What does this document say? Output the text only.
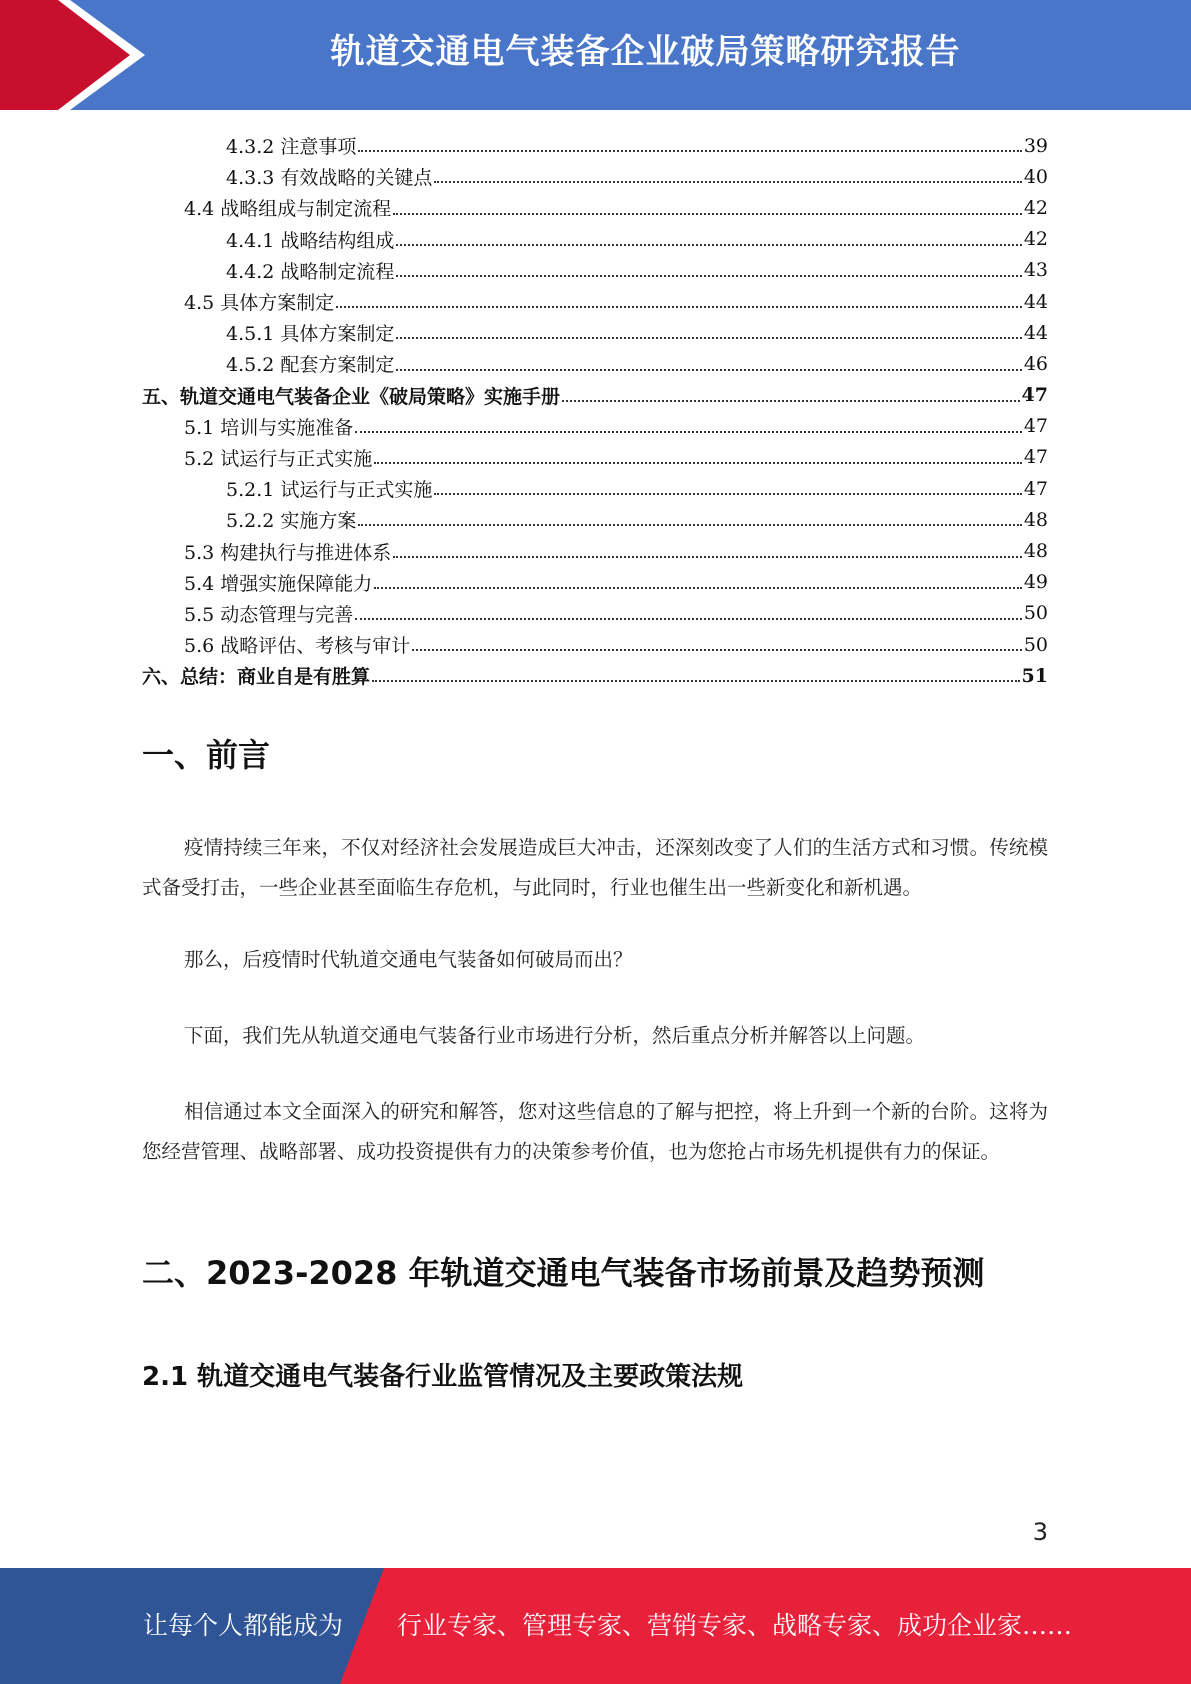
轨道交通电气装备企业破局策略研究报告
4.3.2 注意事项	39
4.3.3 有效战略的关键点	40
4.4 战略组成与制定流程	42
4.4.1 战略结构组成	42
4.4.2 战略制定流程	43
4.5 具体方案制定	44
4.5.1 具体方案制定	44
4.5.2 配套方案制定	46
五、轨道交通电气装备企业《破局策略》实施手册	47
5.1 培训与实施准备	47
5.2 试运行与正式实施	47
5.2.1 试运行与正式实施	47
5.2.2 实施方案	48
5.3 构建执行与推进体系	48
5.4 增强实施保障能力	49
5.5 动态管理与完善	50
5.6 战略评估、考核与审计	50
六、总结：商业自是有胜算	51
一、前言
疫情持续三年来，不仅对经济社会发展造成巨大冲击，还深刻改变了人们的生活方式和习惯。传统模式备受打击，一些企业甚至面临生存危机，与此同时，行业也催生出一些新变化和新机遇。
那么，后疫情时代轨道交通电气装备如何破局而出？
下面，我们先从轨道交通电气装备行业市场进行分析，然后重点分析并解答以上问题。
相信通过本文全面深入的研究和解答，您对这些信息的了解与把控，将上升到一个新的台阶。这将为您经营管理、战略部署、成功投资提供有力的决策参考价值，也为您抢占市场先机提供有力的保证。
二、2023-2028 年轨道交通电气装备市场前景及趋势预测
2.1 轨道交通电气装备行业监管情况及主要政策法规
3
让每个人都能成为 行业专家、管理专家、营销专家、战略专家、成功企业家……
